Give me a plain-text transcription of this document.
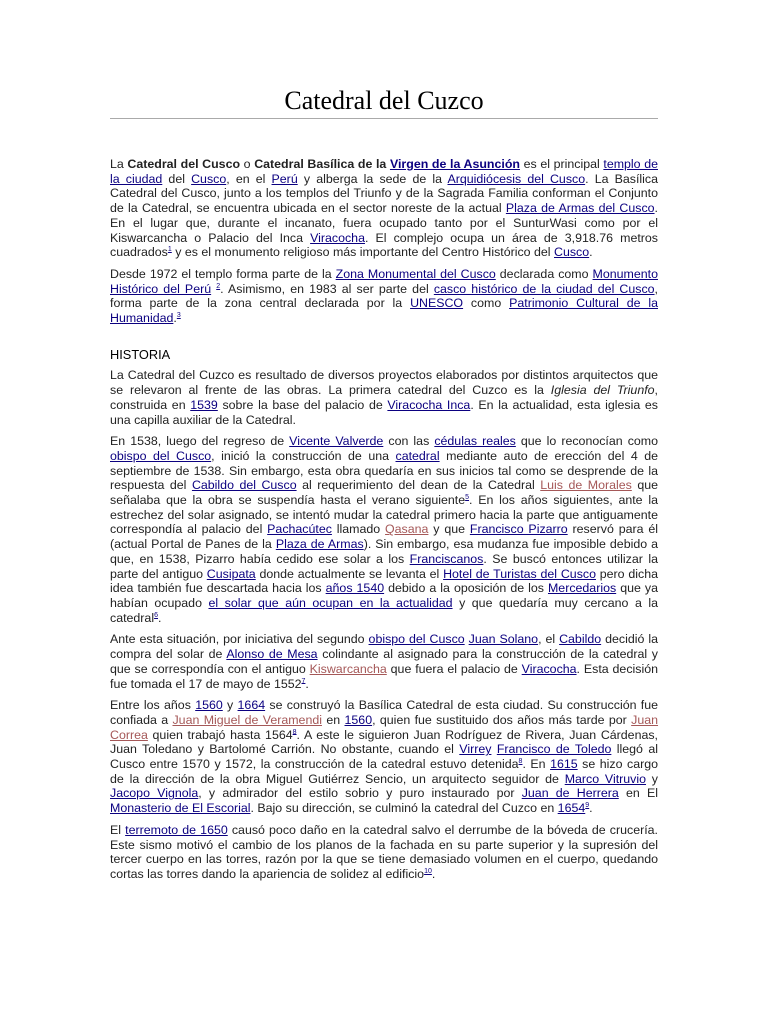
Catedral del Cuzco

La Catedral del Cusco o Catedral Basílica de la Virgen de la Asunción es el principal templo de la ciudad del Cusco, en el Perú y alberga la sede de la Arquidiócesis del Cusco. La Basílica Catedral del Cusco, junto a los templos del Triunfo y de la Sagrada Familia conforman el Conjunto de la Catedral, se encuentra ubicada en el sector noreste de la actual Plaza de Armas del Cusco. En el lugar que, durante el incanato, fuera ocupado tanto por el SunturWasi como por el Kiswarcancha o Palacio del Inca Viracocha. El complejo ocupa un área de 3,918.76 metros cuadrados$^1$ y es el monumento religioso más importante del Centro Histórico del Cusco.

Desde 1972 el templo forma parte de la Zona Monumental del Cusco declarada como Monumento Histórico del Perú $^2$. Asimismo, en 1983 al ser parte del casco histórico de la ciudad del Cusco, forma parte de la zona central declarada por la UNESCO como Patrimonio Cultural de la Humanidad.$^3$

HISTORIA

La Catedral del Cuzco es resultado de diversos proyectos elaborados por distintos arquitectos que se relevaron al frente de las obras. La primera catedral del Cuzco es la Iglesia del Triunfo, construida en 1539 sobre la base del palacio de Viracocha Inca. En la actualidad, esta iglesia es una capilla auxiliar de la Catedral.

En 1538, luego del regreso de Vicente Valverde con las cédulas reales que lo reconocían como obispo del Cusco, inició la construcción de una catedral mediante auto de erección del 4 de septiembre de 1538. Sin embargo, esta obra quedaría en sus inicios tal como se desprende de la respuesta del Cabildo del Cusco al requerimiento del dean de la Catedral Luis de Morales que señalaba que la obra se suspendía hasta el verano siguiente$^5$. En los años siguientes, ante la estrechez del solar asignado, se intentó mudar la catedral primero hacia la parte que antiguamente correspondía al palacio del Pachacútec llamado Qasana y que Francisco Pizarro reservó para él (actual Portal de Panes de la Plaza de Armas). Sin embargo, esa mudanza fue imposible debido a que, en 1538, Pizarro había cedido ese solar a los Franciscanos. Se buscó entonces utilizar la parte del antiguo Cusipata donde actualmente se levanta el Hotel de Turistas del Cusco pero dicha idea también fue descartada hacia los años 1540 debido a la oposición de los Mercedarios que ya habían ocupado el solar que aún ocupan en la actualidad y que quedaría muy cercano a la catedral$^6$.

Ante esta situación, por iniciativa del segundo obispo del Cusco Juan Solano, el Cabildo decidió la compra del solar de Alonso de Mesa colindante al asignado para la construcción de la catedral y que se correspondía con el antiguo Kiswarcancha que fuera el palacio de Viracocha. Esta decisión fue tomada el 17 de mayo de 1552$^7$.

Entre los años 1560 y 1664 se construyó la Basílica Catedral de esta ciudad. Su construcción fue confiada a Juan Miguel de Veramendi en 1560, quien fue sustituido dos años más tarde por Juan Correa quien trabajó hasta 1564$^8$. A este le siguieron Juan Rodríguez de Rivera, Juan Cárdenas, Juan Toledano y Bartolomé Carrión. No obstante, cuando el Virrey Francisco de Toledo llegó al Cusco entre 1570 y 1572, la construcción de la catedral estuvo detenida$^8$. En 1615 se hizo cargo de la dirección de la obra Miguel Gutiérrez Sencio, un arquitecto seguidor de Marco Vitruvio y Jacopo Vignola, y admirador del estilo sobrio y puro instaurado por Juan de Herrera en El Monasterio de El Escorial. Bajo su dirección, se culminó la catedral del Cuzco en 1654$^9$.

El terremoto de 1650 causó poco daño en la catedral salvo el derrumbe de la bóveda de crucería. Este sismo motivó el cambio de los planos de la fachada en su parte superior y la supresión del tercer cuerpo en las torres, razón por la que se tiene demasiado volumen en el cuerpo, quedando cortas las torres dando la apariencia de solidez al edificio$^{10}$.
